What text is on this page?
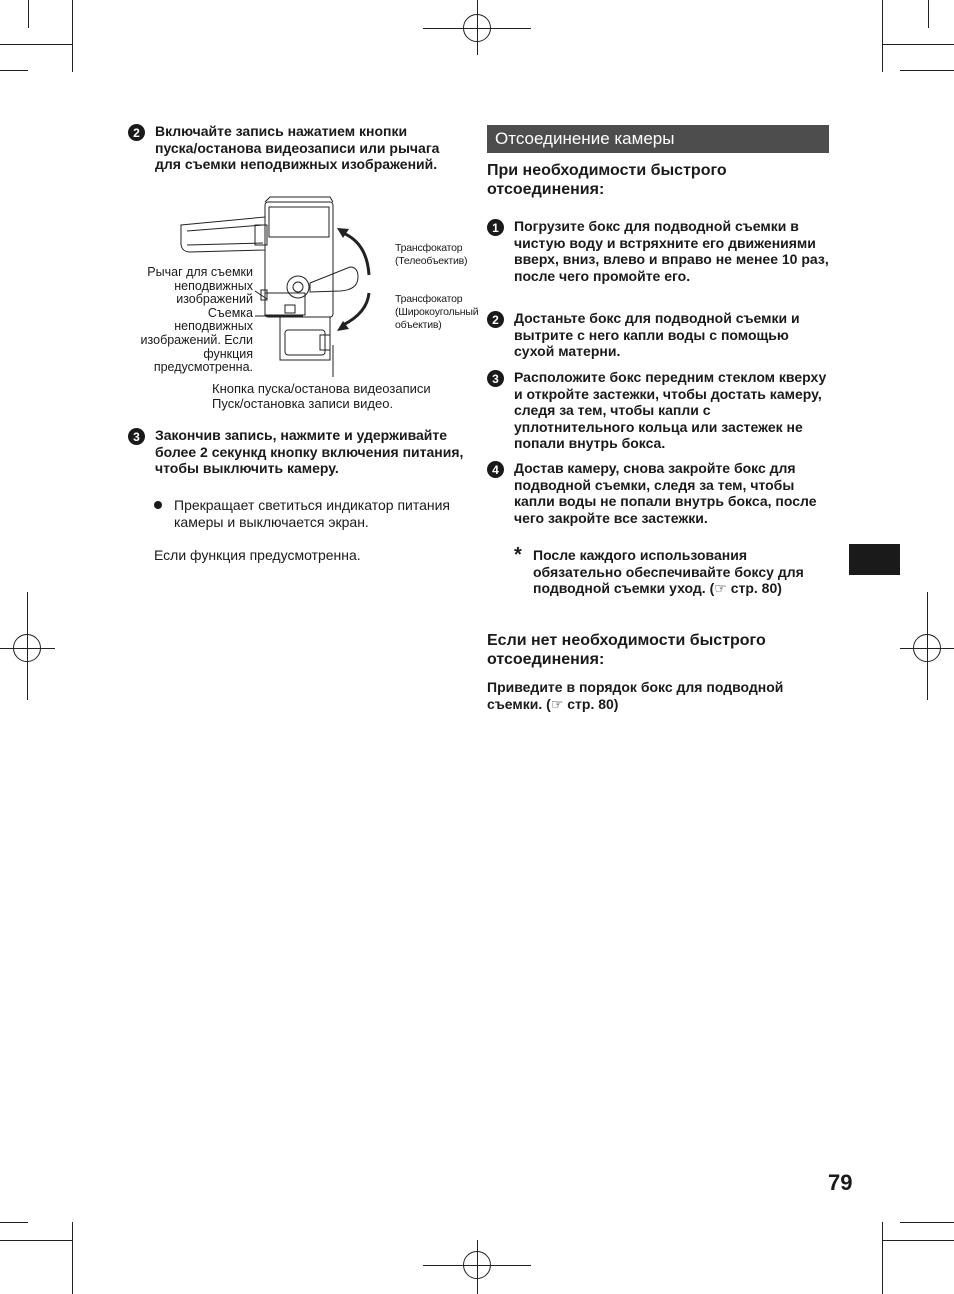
2	Включайте запись нажатием кнопки пуска/останова видеозаписи или рычага для съемки неподвижных изображений.
Рычаг для съемки неподвижных изображений Съемка неподвижных изображений. Если функция предусмотренна.
Трансфокатор (Телеобъектив)
Трансфокатор (Широкоугольный объектив)
Кнопка пуска/останова видеозаписи Пуск/остановка записи видео.
3	Закончив запись, нажмите и удерживайте более 2 секункд кнопку включения питания, чтобы выключить камеру.
Прекращает светиться индикатор питания камеры и выключается экран.
Если функция предусмотренна.
Отсоединение камеры
При необходимости быстрого отсоединения:
1	Погрузите бокс для подводной съемки в чистую воду и встряхните его движениями вверх, вниз, влево и вправо не менее 10 раз, после чего промойте его.
2	Достаньте бокс для подводной съемки и вытрите с него капли воды с помощью сухой матерни.
3	Расположите бокс передним стеклом кверху и откройте застежки, чтобы достать камеру, следя за тем, чтобы капли с уплотнительного кольца или застежек не попали внутрь бокса.
4	Достав камеру, снова закройте бокс для подводной съемки, следя за тем, чтобы капли воды не попали внутрь бокса, после чего закройте все застежки.
* После каждого использования обязательно обеспечивайте боксу для подводной съемки уход. (☞ стр. 80)
Если нет необходимости быстрого отсоединения:
Приведите в порядок бокс для подводной съемки. (☞ стр. 80)
79
